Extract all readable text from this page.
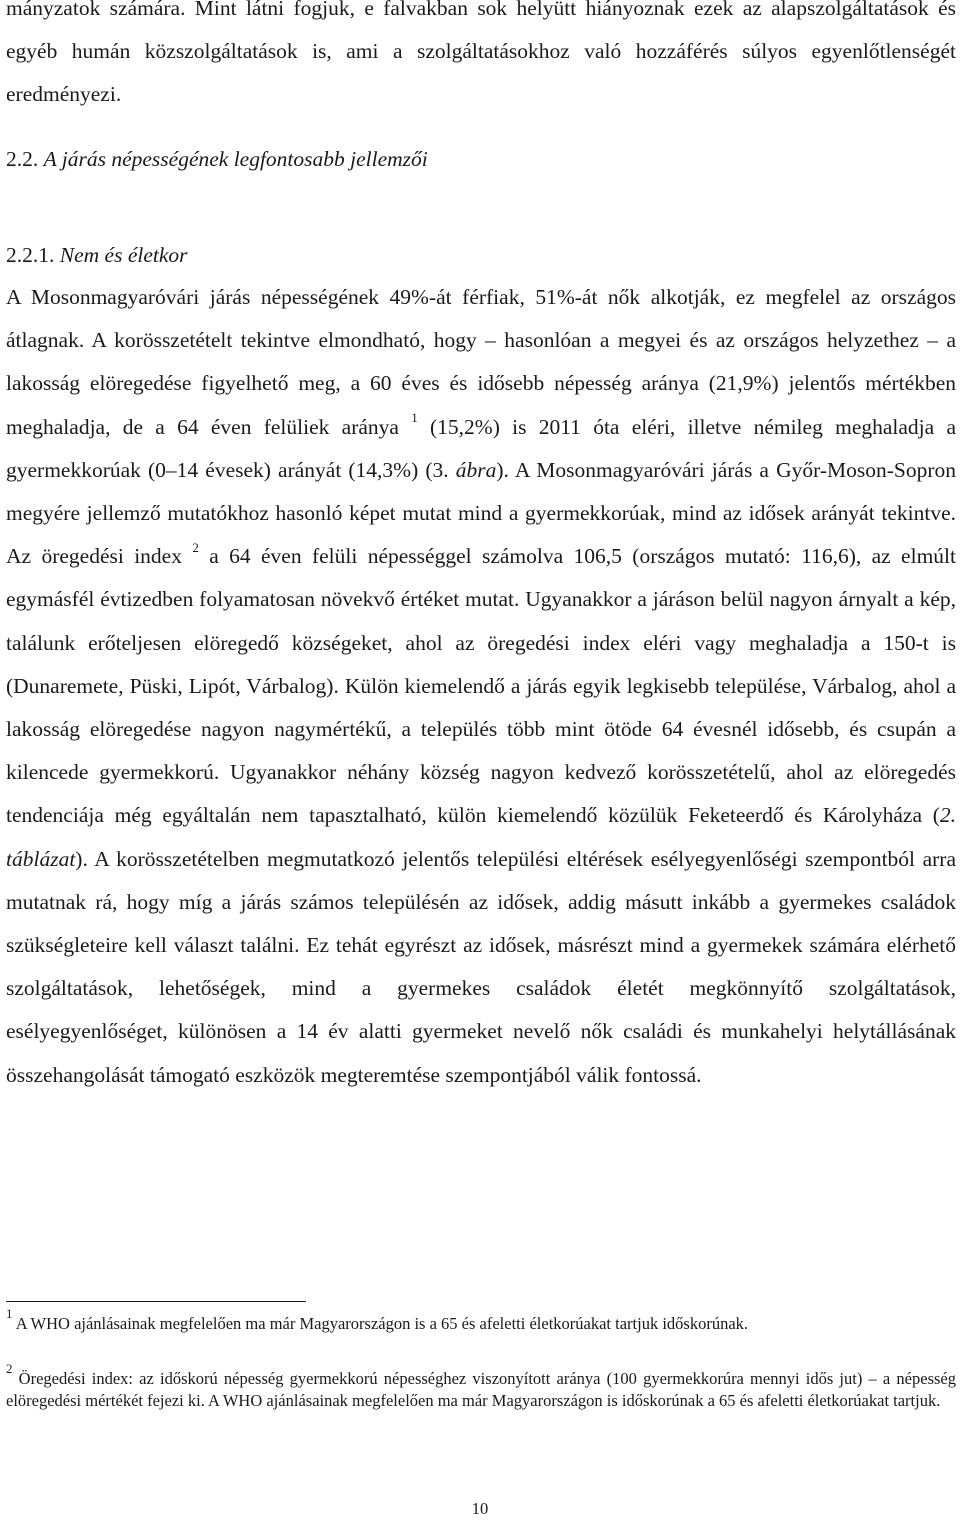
mányzatok számára. Mint látni fogjuk, e falvakban sok helyütt hiányoznak ezek az alapszolgáltatások és egyéb humán közszolgáltatások is, ami a szolgáltatásokhoz való hozzáférés súlyos egyenlőtlenségét eredményezi.

2.2. A járás népességének legfontosabb jellemzői
2.2.1. Nem és életkor

A Mosonmagyaróvári járás népességének 49%-át férfiak, 51%-át nők alkotják, ez megfelel az országos átlagnak. A korösszetételt tekintve elmondható, hogy – hasonlóan a megyei és az országos helyzethez – a lakosság elöregedése figyelhető meg, a 60 éves és idősebb népesség aránya (21,9%) jelentős mértékben meghaladja, de a 64 éven felüliek aránya $^1$ (15,2%) is 2011 óta eléri, illetve némileg meghaladja a gyermekkorúak (0–14 évesek) arányát (14,3%) (3. ábra). A Mosonmagyaróvári járás a Győr-Moson-Sopron megyére jellemző mutatókhoz hasonló képet mutat mind a gyermekkorúak, mind az idősek arányát tekintve. Az öregedési index $^2$ a 64 éven felüli népességgel számolva 106,5 (országos mutató: 116,6), az elmúlt egymásfél évtizedben folyamatosan növekvő értéket mutat. Ugyanakkor a járáson belül nagyon árnyalt a kép, találunk erőteljesen elöregedő községeket, ahol az öregedési index eléri vagy meghaladja a 150-t is (Dunaremete, Püski, Lipót, Várbalog). Külön kiemelendő a járás egyik legkisebb települése, Várbalog, ahol a lakosság elöregedése nagyon nagymértékű, a település több mint ötöde 64 évesnél idősebb, és csupán a kilencede gyermekkorú. Ugyanakkor néhány község nagyon kedvező korösszetételű, ahol az elöregedés tendenciája még egyáltalán nem tapasztalható, külön kiemelendő közülük Feketeerdő és Károlyháza (2. táblázat). A korösszetételben megmutatkozó jelentős települési eltérések esélyegyenlőségi szempontból arra mutatnak rá, hogy míg a járás számos településén az idősek, addig másutt inkább a gyermekes családok szükségleteire kell választ találni. Ez tehát egyrészt az idősek, másrészt mind a gyermekek számára elérhető szolgáltatások, lehetőségek, mind a gyermekes családok életét megkönnyítő szolgáltatások, esélyegyenlőséget, különösen a 14 év alatti gyermeket nevelő nők családi és munkahelyi helytállásának összehangolását támogató eszközök megteremtése szempontjából válik fontossá.

$^1$ A WHO ajánlásainak megfelelően ma már Magyarországon is a 65 és afeletti életkorúakat tartjuk időskorúnak.

$^2$ Öregedési index: az időskorú népesség gyermekkorú népességhez viszonyított aránya (100 gyermekkorúra mennyi idős jut) – a népesség elöregedési mértékét fejezi ki. A WHO ajánlásainak megfelelően ma már Magyarországon is időskorúnak a 65 és afeletti életkorúakat tartjuk.

10
